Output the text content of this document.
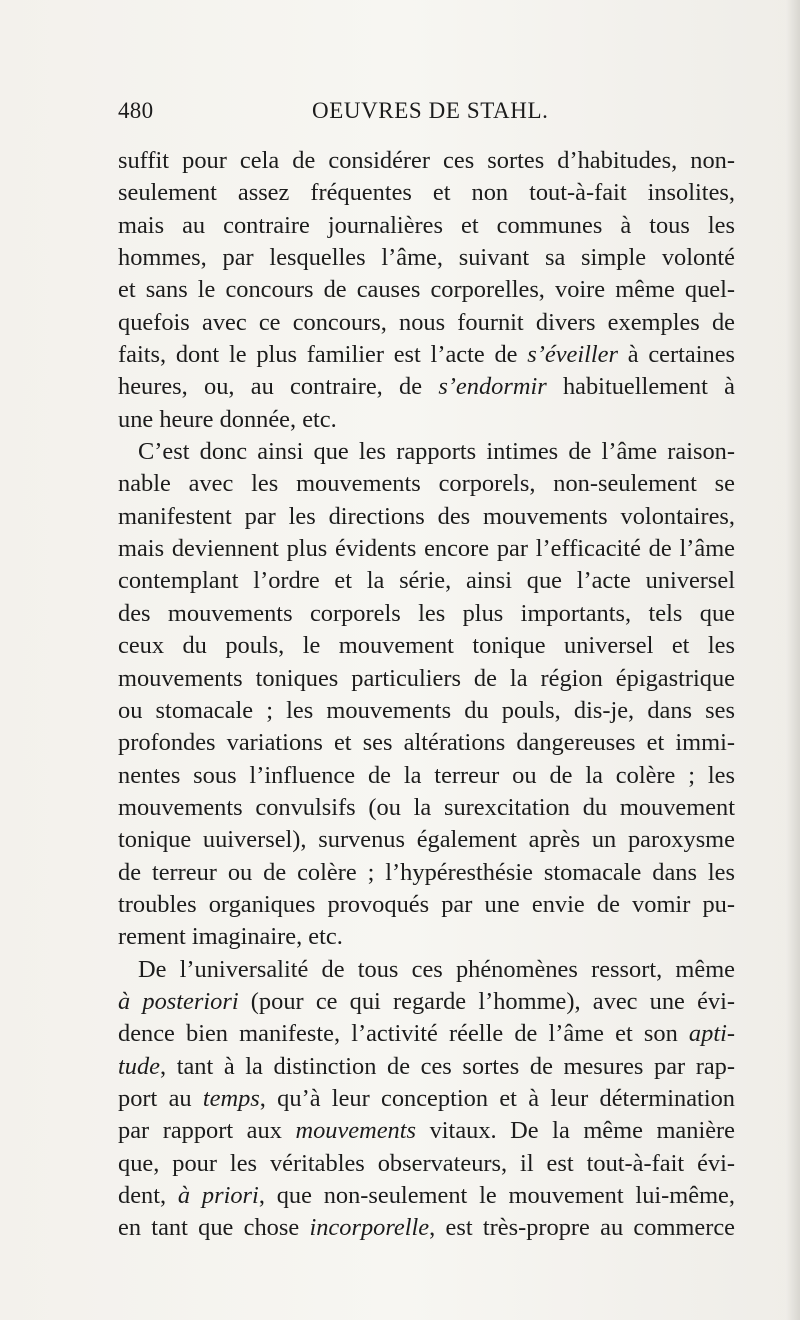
480	OEUVRES DE STAHL.
suffit pour cela de considérer ces sortes d’habitudes, non-
seulement assez fréquentes et non tout-à-fait insolites,
mais au contraire journalières et communes à tous les
hommes, par lesquelles l’âme, suivant sa simple volonté
et sans le concours de causes corporelles, voire même quel-
quefois avec ce concours, nous fournit divers exemples de
faits, dont le plus familier est l’acte de s’éveiller à certaines
heures, ou, au contraire, de s’endormir habituellement à
une heure donnée, etc.
C’est donc ainsi que les rapports intimes de l’âme raison-
nable avec les mouvements corporels, non-seulement se
manifestent par les directions des mouvements volontaires,
mais deviennent plus évidents encore par l’efficacité de l’âme
contemplant l’ordre et la série, ainsi que l’acte universel
des mouvements corporels les plus importants, tels que
ceux du pouls, le mouvement tonique universel et les
mouvements toniques particuliers de la région épigastrique
ou stomacale ; les mouvements du pouls, dis-je, dans ses
profondes variations et ses altérations dangereuses et immi-
nentes sous l’influence de la terreur ou de la colère ; les
mouvements convulsifs (ou la surexcitation du mouvement
tonique uuiversel), survenus également après un paroxysme
de terreur ou de colère ; l’hypéresthésie stomacale dans les
troubles organiques provoqués par une envie de vomir pu-
rement imaginaire, etc.
De l’universalité de tous ces phénomènes ressort, même
à posteriori (pour ce qui regarde l’homme), avec une évi-
dence bien manifeste, l’activité réelle de l’âme et son apti-
tude, tant à la distinction de ces sortes de mesures par rap-
port au temps, qu’à leur conception et à leur détermination
par rapport aux mouvements vitaux. De la même manière
que, pour les véritables observateurs, il est tout-à-fait évi-
dent, à priori, que non-seulement le mouvement lui-même,
en tant que chose incorporelle, est très-propre au commerce
